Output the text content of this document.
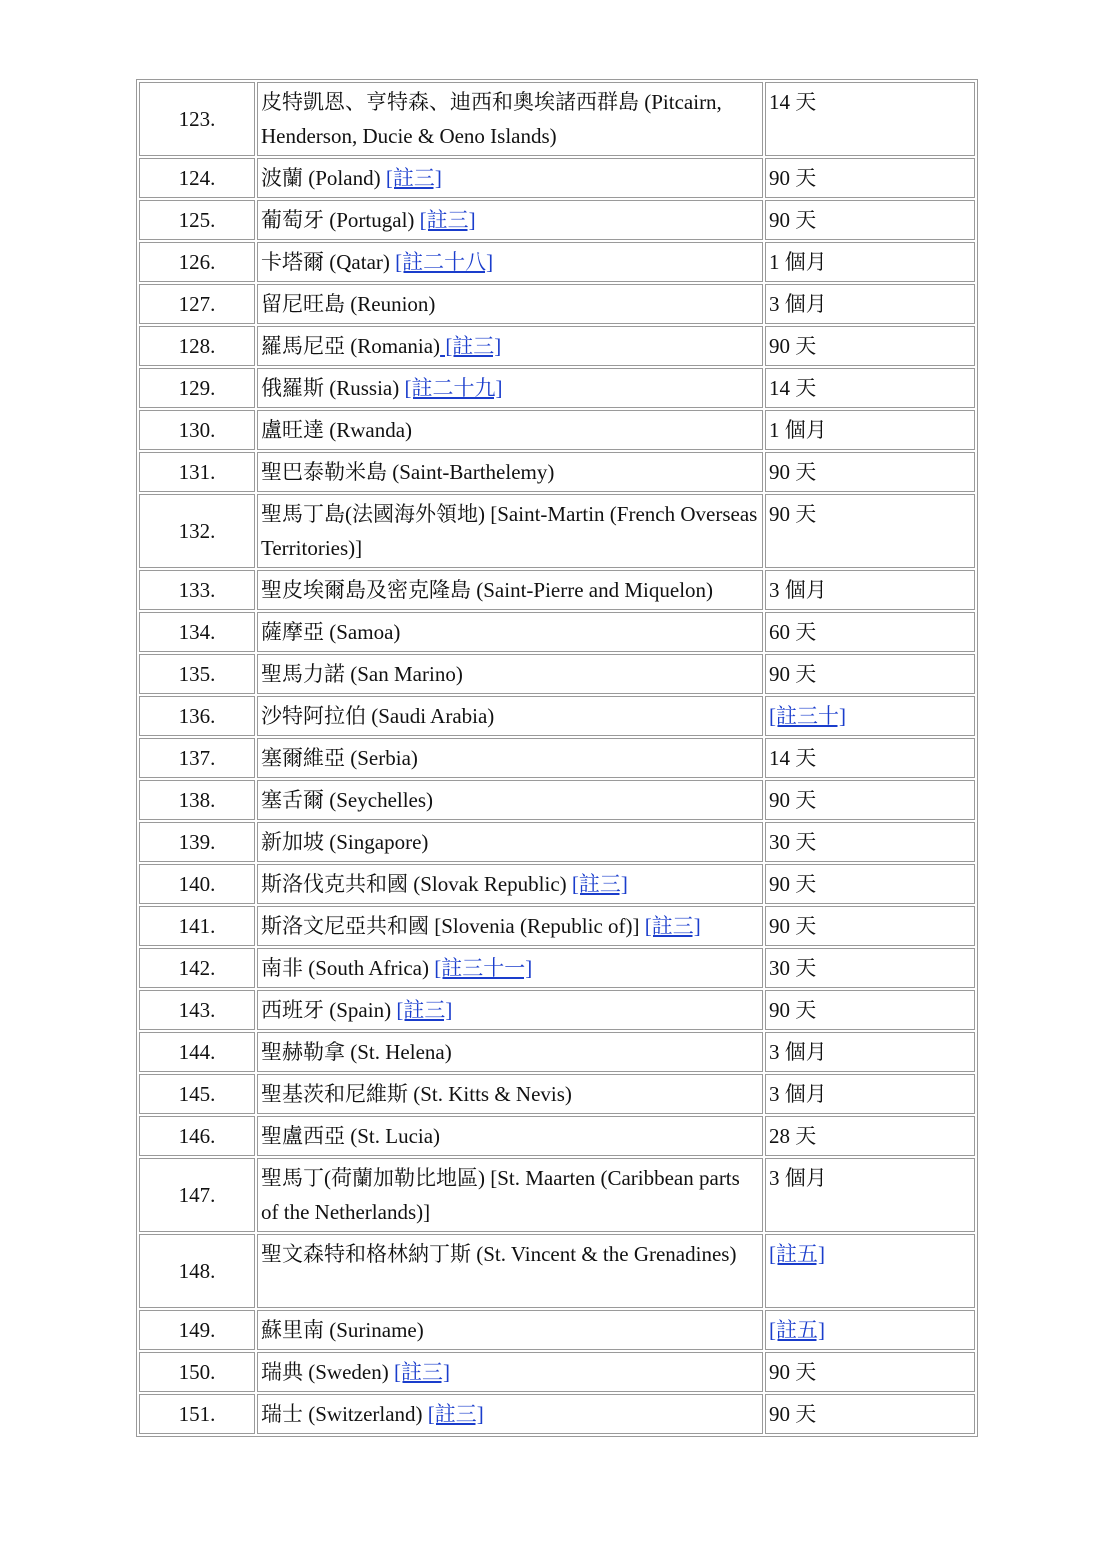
123.	皮特凱恩、亨特森、迪西和奧埃諸西群島 (Pitcairn, Henderson, Ducie & Oeno Islands)	14 天
124.	波蘭 (Poland) [註三]	90 天
125.	葡萄牙 (Portugal) [註三]	90 天
126.	卡塔爾 (Qatar) [註二十八]	1 個月
127.	留尼旺島 (Reunion)	3 個月
128.	羅馬尼亞 (Romania) [註三]	90 天
129.	俄羅斯 (Russia) [註二十九]	14 天
130.	盧旺達 (Rwanda)	1 個月
131.	聖巴泰勒米島 (Saint-Barthelemy)	90 天
132.	聖馬丁島(法國海外領地) [Saint-Martin (French Overseas Territories)]	90 天
133.	聖皮埃爾島及密克隆島 (Saint-Pierre and Miquelon)	3 個月
134.	薩摩亞 (Samoa)	60 天
135.	聖馬力諾 (San Marino)	90 天
136.	沙特阿拉伯 (Saudi Arabia)	[註三十]
137.	塞爾維亞 (Serbia)	14 天
138.	塞舌爾 (Seychelles)	90 天
139.	新加坡 (Singapore)	30 天
140.	斯洛伐克共和國 (Slovak Republic) [註三]	90 天
141.	斯洛文尼亞共和國 [Slovenia (Republic of)] [註三]	90 天
142.	南非 (South Africa) [註三十一]	30 天
143.	西班牙 (Spain) [註三]	90 天
144.	聖赫勒拿 (St. Helena)	3 個月
145.	聖基茨和尼維斯 (St. Kitts & Nevis)	3 個月
146.	聖盧西亞 (St. Lucia)	28 天
147.	聖馬丁(荷蘭加勒比地區) [St. Maarten (Caribbean parts of the Netherlands)]	3 個月
148.	聖文森特和格林納丁斯 (St. Vincent & the Grenadines)	[註五]
149.	蘇里南 (Suriname)	[註五]
150.	瑞典 (Sweden) [註三]	90 天
151.	瑞士 (Switzerland) [註三]	90 天
